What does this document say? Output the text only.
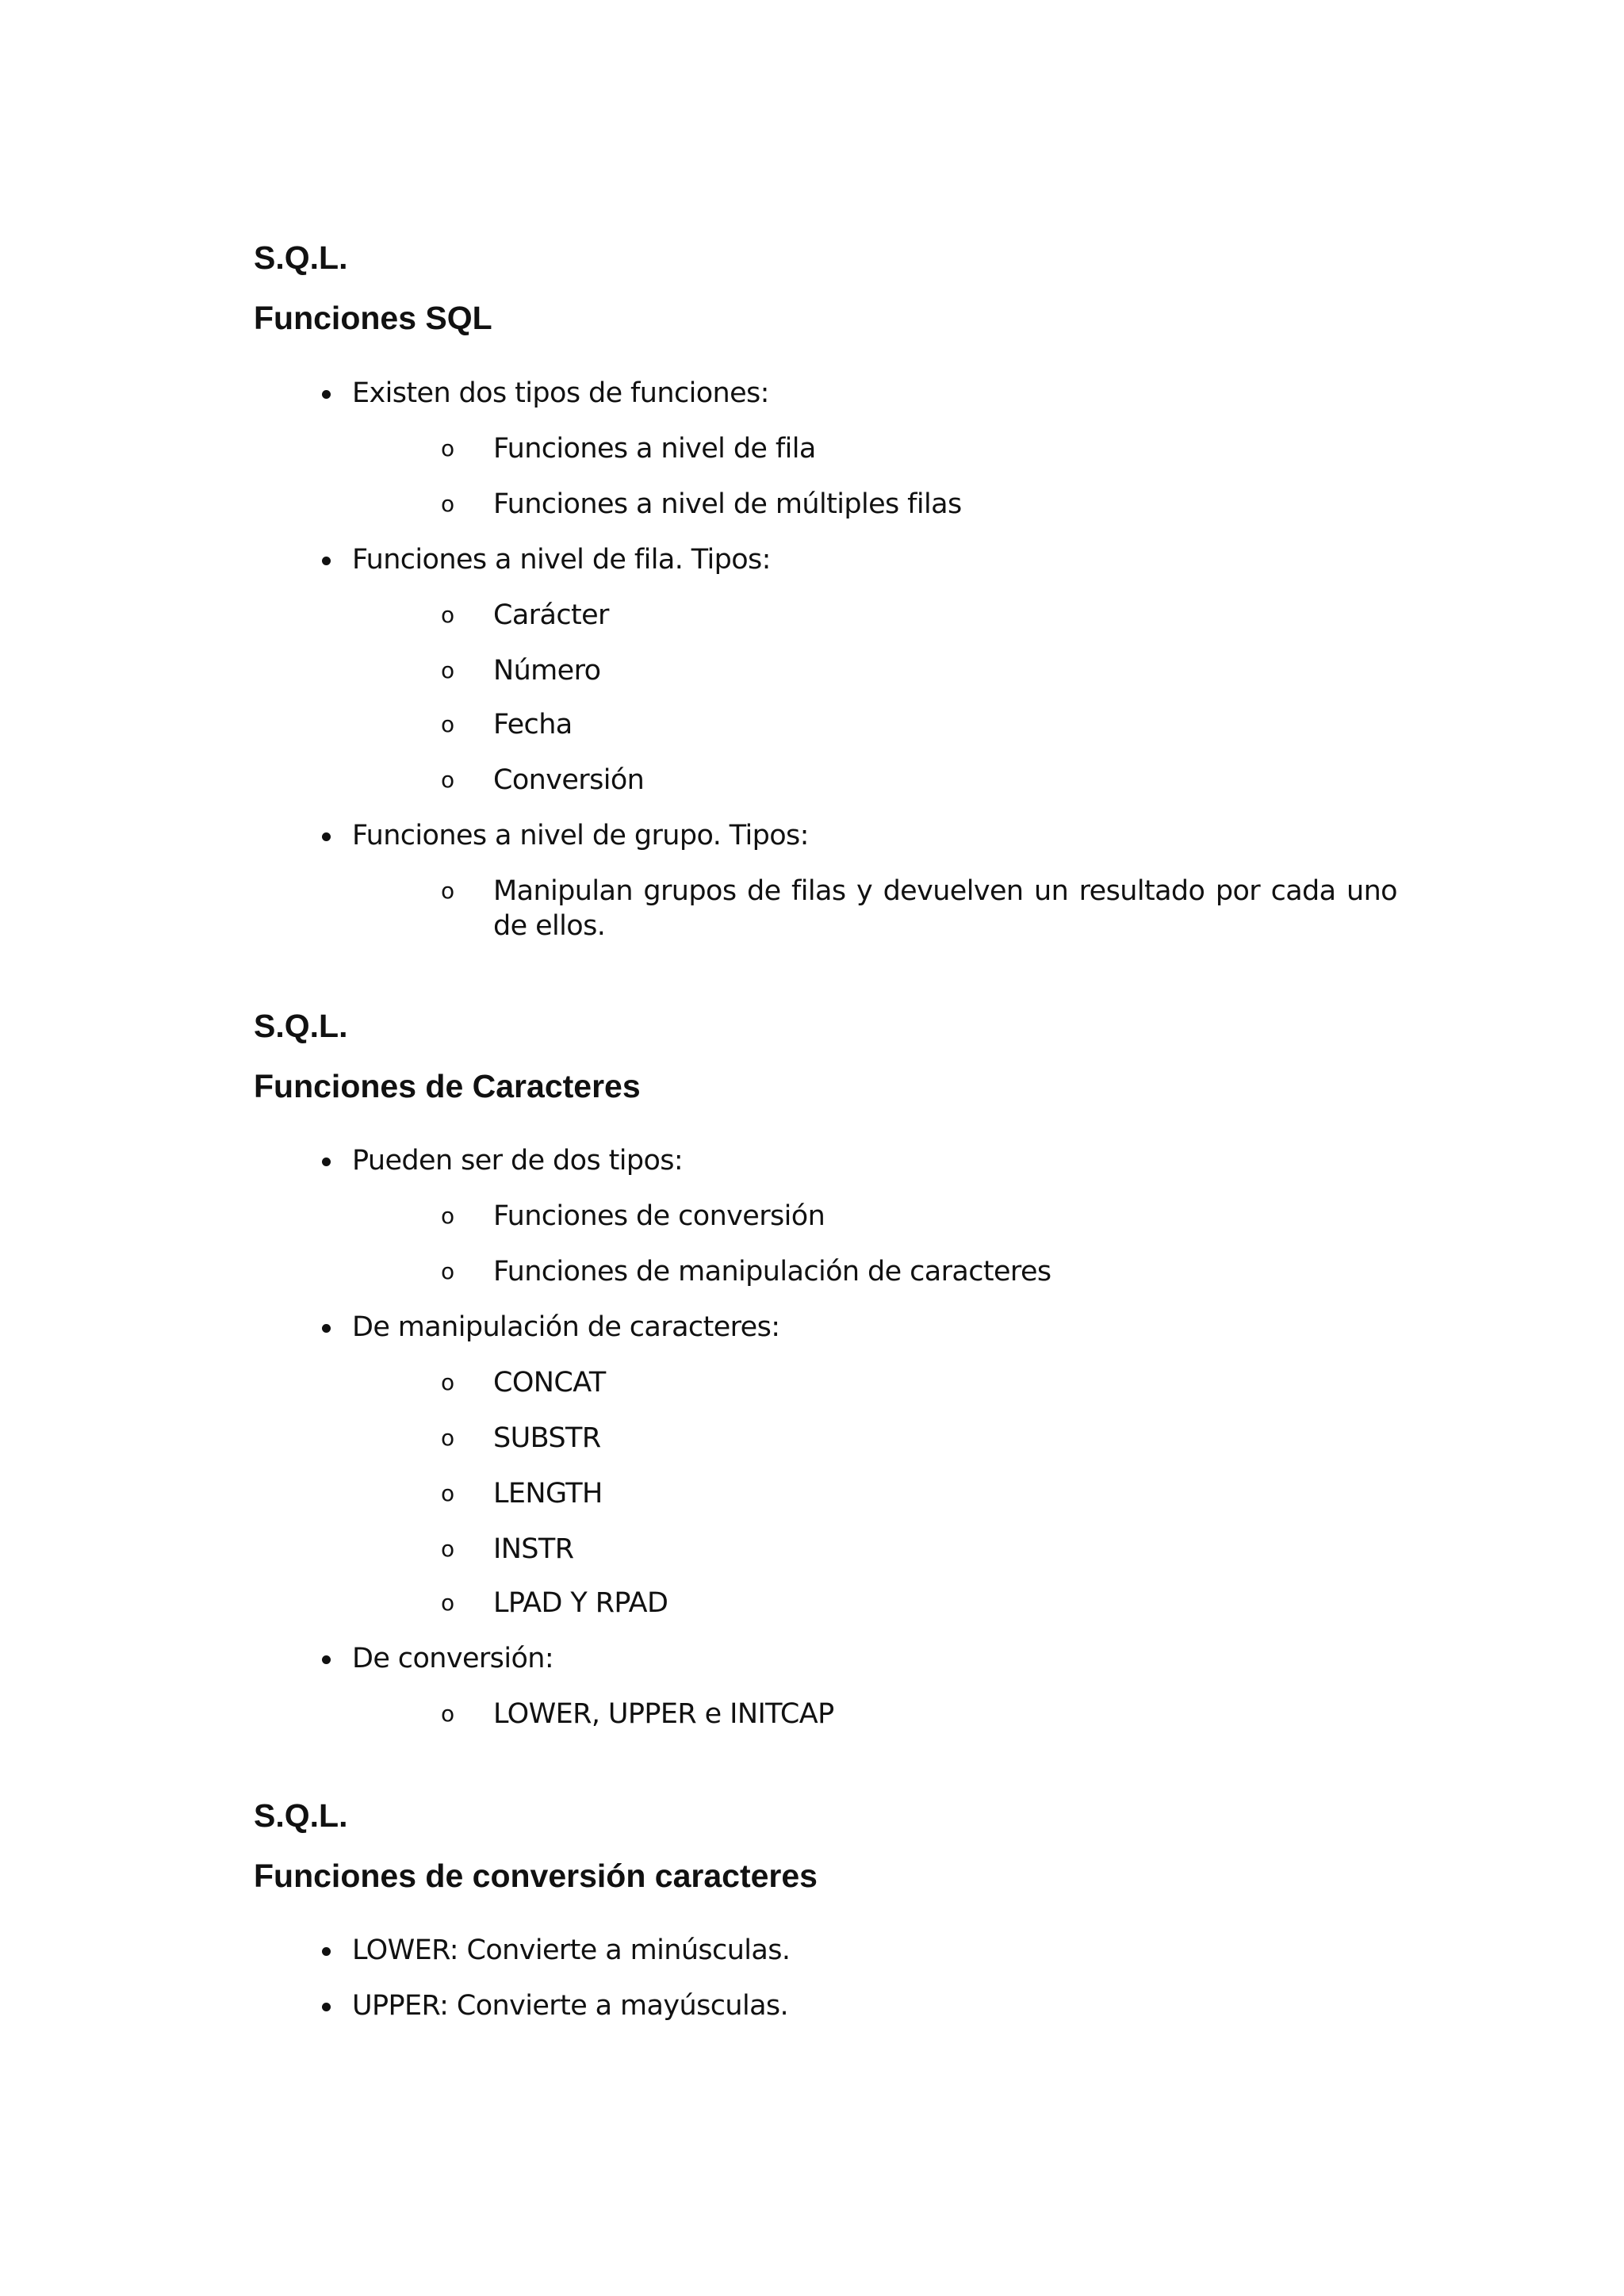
S.Q.L.
Funciones SQL
Existen dos tipos de funciones:
o Funciones a nivel de fila
o Funciones a nivel de múltiples filas
Funciones a nivel de fila. Tipos:
o Carácter
o Número
o Fecha
o Conversión
Funciones a nivel de grupo. Tipos:
o Manipulan grupos de filas y devuelven un resultado por cada uno de ellos.
S.Q.L.
Funciones de Caracteres
Pueden ser de dos tipos:
o Funciones de conversión
o Funciones de manipulación de caracteres
De manipulación de caracteres:
o CONCAT
o SUBSTR
o LENGTH
o INSTR
o LPAD Y RPAD
De conversión:
o LOWER, UPPER e INITCAP
S.Q.L.
Funciones de conversión caracteres
LOWER: Convierte a minúsculas.
UPPER: Convierte a mayúsculas.
